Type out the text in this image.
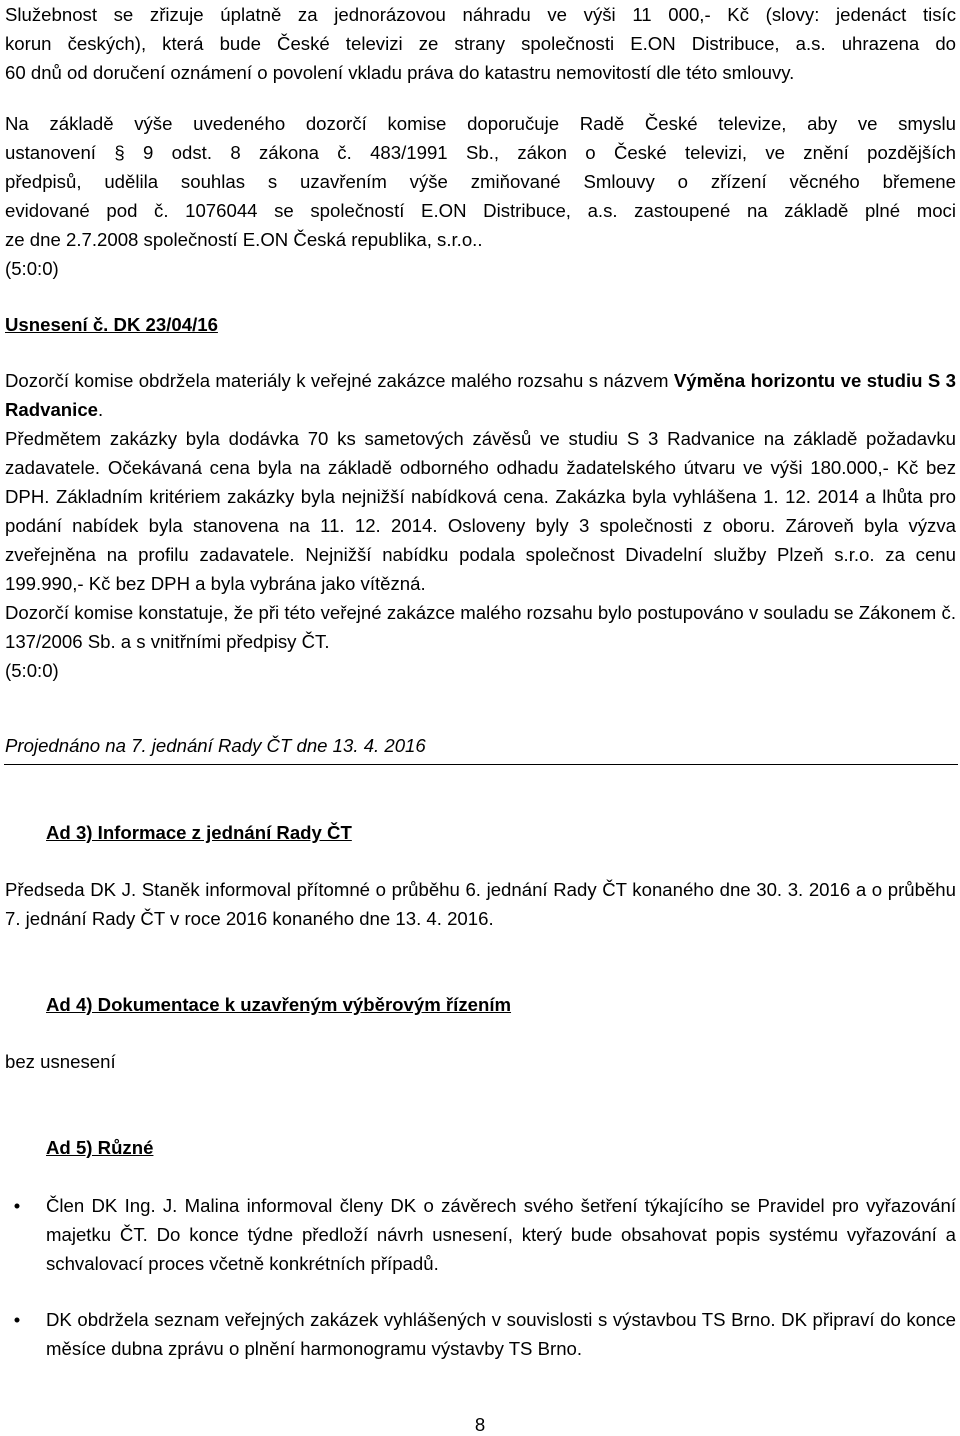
Služebnost se zřizuje úplatně za jednorázovou náhradu ve výši 11 000,- Kč (slovy: jedenáct tisíc
korun českých), která bude České televizi ze strany společnosti E.ON Distribuce, a.s. uhrazena do
60 dnů od doručení oznámení o povolení vkladu práva do katastru nemovitostí dle této smlouvy.
Na základě výše uvedeného dozorčí komise doporučuje Radě České televize, aby ve smyslu
ustanovení § 9 odst. 8 zákona č. 483/1991 Sb., zákon o České televizi, ve znění pozdějších
předpisů, udělila souhlas s uzavřením výše zmiňované Smlouvy o zřízení věcného břemene
evidované pod č. 1076044 se společností E.ON Distribuce, a.s. zastoupené na základě plné moci
ze dne 2.7.2008 společností E.ON Česká republika, s.r.o..
(5:0:0)
Usnesení č. DK 23/04/16
Dozorčí komise obdržela materiály k veřejné zakázce malého rozsahu s názvem Výměna horizontu ve studiu S 3 Radvanice.
Předmětem zakázky byla dodávka 70 ks sametových závěsů ve studiu S 3 Radvanice na základě požadavku zadavatele. Očekávaná cena byla na základě odborného odhadu žadatelského útvaru ve výši 180.000,- Kč bez DPH. Základním kritériem zakázky byla nejnižší nabídková cena. Zakázka byla vyhlášena 1. 12. 2014 a lhůta pro podání nabídek byla stanovena na 11. 12. 2014. Osloveny byly 3 společnosti z oboru. Zároveň byla výzva zveřejněna na profilu zadavatele. Nejnižší nabídku podala společnost Divadelní služby Plzeň s.r.o. za cenu 199.990,- Kč bez DPH a byla vybrána jako vítězná.
Dozorčí komise konstatuje, že při této veřejné zakázce malého rozsahu bylo postupováno v souladu se Zákonem č. 137/2006 Sb. a s vnitřními předpisy ČT.
(5:0:0)
Projednáno na 7. jednání Rady ČT dne 13. 4. 2016
Ad 3) Informace z jednání Rady ČT
Předseda DK J. Staněk informoval přítomné o průběhu 6. jednání Rady ČT konaného dne 30. 3. 2016 a o průběhu 7. jednání Rady ČT v roce 2016 konaného dne 13. 4. 2016.
Ad 4) Dokumentace k uzavřeným výběrovým řízením
bez usnesení
Ad 5) Různé
•	Člen DK Ing. J. Malina informoval členy DK o závěrech svého šetření týkajícího se Pravidel pro vyřazování majetku ČT. Do konce týdne předloží návrh usnesení, který bude obsahovat popis systému vyřazování a schvalovací proces včetně konkrétních případů.
•	DK obdržela seznam veřejných zakázek vyhlášených v souvislosti s výstavbou TS Brno. DK připraví do konce měsíce dubna zprávu o plnění harmonogramu výstavby TS Brno.
8
